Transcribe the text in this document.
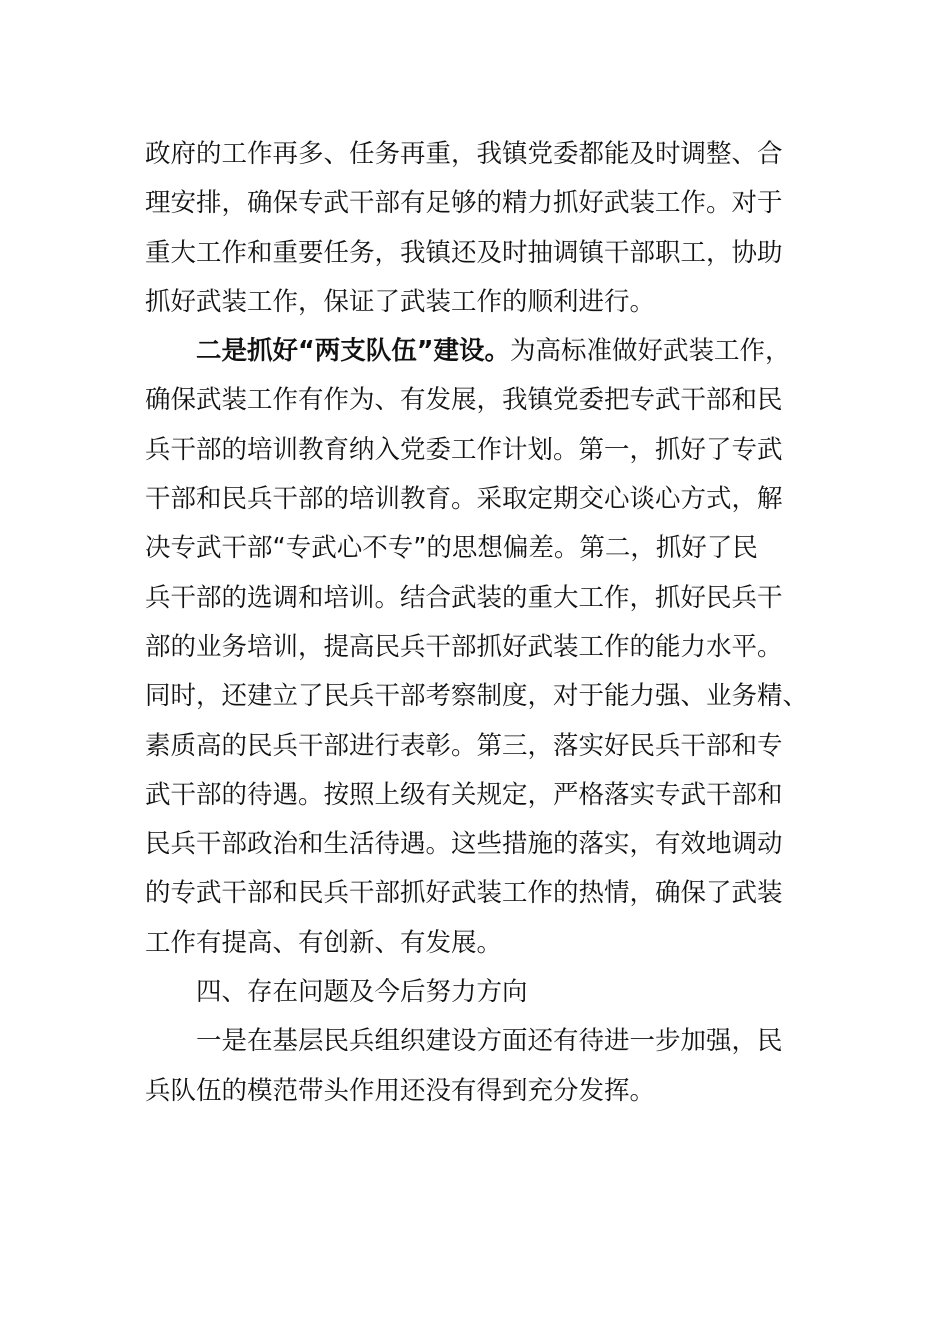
政府的工作再多、任务再重，我镇党委都能及时调整、合
理安排，确保专武干部有足够的精力抓好武装工作。对于
重大工作和重要任务，我镇还及时抽调镇干部职工，协助
抓好武装工作，保证了武装工作的顺利进行。
二是抓好“两支队伍”建设。为高标准做好武装工作，
确保武装工作有作为、有发展，我镇党委把专武干部和民
兵干部的培训教育纳入党委工作计划。第一，抓好了专武
干部和民兵干部的培训教育。采取定期交心谈心方式，解
决专武干部“专武心不专”的思想偏差。第二，抓好了民
兵干部的选调和培训。结合武装的重大工作，抓好民兵干
部的业务培训，提高民兵干部抓好武装工作的能力水平。
同时，还建立了民兵干部考察制度，对于能力强、业务精、
素质高的民兵干部进行表彰。第三，落实好民兵干部和专
武干部的待遇。按照上级有关规定，严格落实专武干部和
民兵干部政治和生活待遇。这些措施的落实，有效地调动
的专武干部和民兵干部抓好武装工作的热情，确保了武装
工作有提高、有创新、有发展。
四、存在问题及今后努力方向
一是在基层民兵组织建设方面还有待进一步加强，民
兵队伍的模范带头作用还没有得到充分发挥。
